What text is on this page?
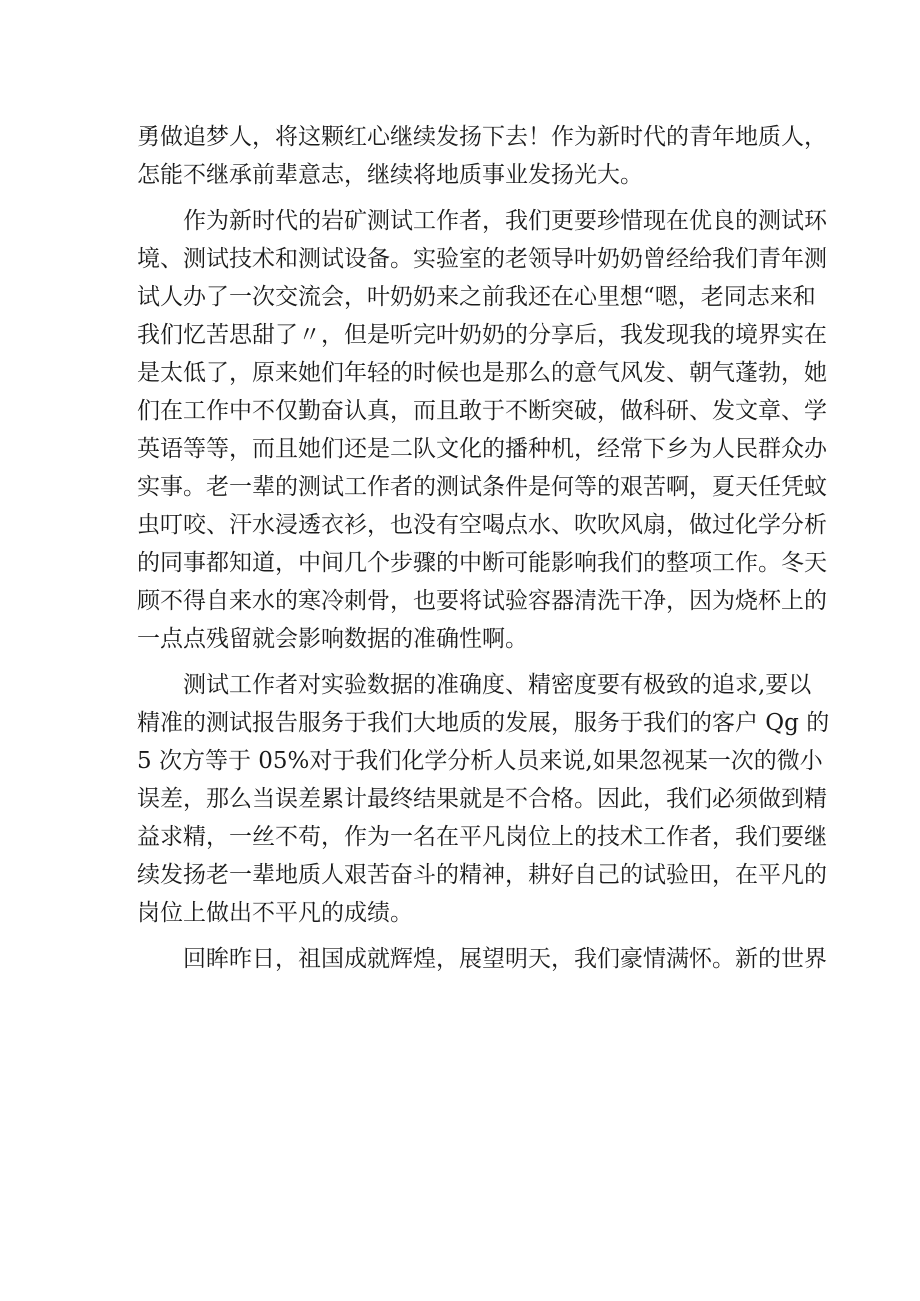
勇做追梦人，将这颗红心继续发扬下去！作为新时代的青年地质人，
怎能不继承前辈意志，继续将地质事业发扬光大。

作为新时代的岩矿测试工作者，我们更要珍惜现在优良的测试环
境、测试技术和测试设备。实验室的老领导叶奶奶曾经给我们青年测
试人办了一次交流会，叶奶奶来之前我还在心里想“嗯，老同志来和
我们忆苦思甜了〃，但是听完叶奶奶的分享后，我发现我的境界实在
是太低了，原来她们年轻的时候也是那么的意气风发、朝气蓬勃，她
们在工作中不仅勤奋认真，而且敢于不断突破，做科研、发文章、学
英语等等，而且她们还是二队文化的播种机，经常下乡为人民群众办
实事。老一辈的测试工作者的测试条件是何等的艰苦啊，夏天任凭蚊
虫叮咬、汗水浸透衣衫，也没有空喝点水、吹吹风扇，做过化学分析
的同事都知道，中间几个步骤的中断可能影响我们的整项工作。冬天
顾不得自来水的寒冷刺骨，也要将试验容器清洗干净，因为烧杯上的
一点点残留就会影响数据的准确性啊。

测试工作者对实验数据的准确度、精密度要有极致的追求,要以
精准的测试报告服务于我们大地质的发展，服务于我们的客户 Qg 的
5 次方等于 05%对于我们化学分析人员来说,如果忽视某一次的微小
误差，那么当误差累计最终结果就是不合格。因此，我们必须做到精
益求精，一丝不苟，作为一名在平凡岗位上的技术工作者，我们要继
续发扬老一辈地质人艰苦奋斗的精神，耕好自己的试验田，在平凡的
岗位上做出不平凡的成绩。

回眸昨日，祖国成就辉煌，展望明天，我们豪情满怀。新的世界
